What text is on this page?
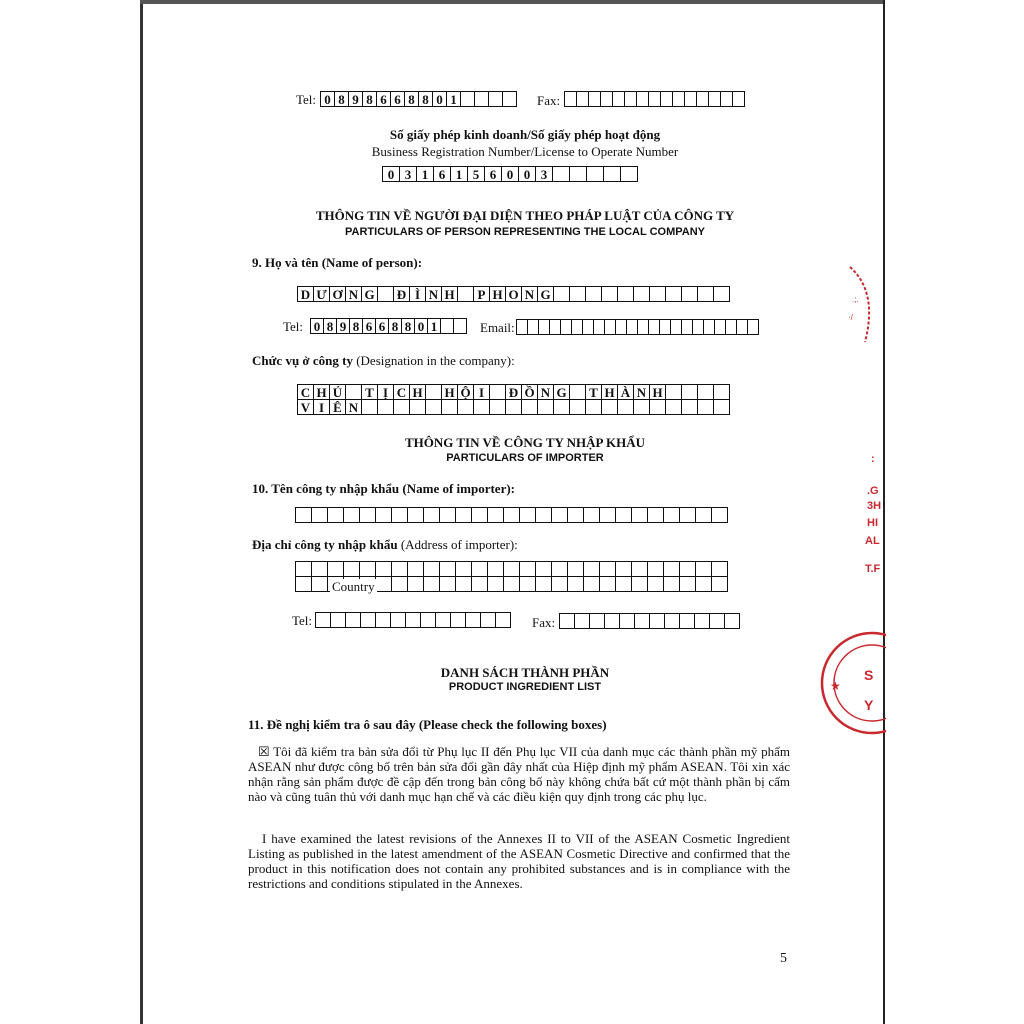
Tel: 0 8 9 8 6 6 8 8 0 1	Fax:
Số giấy phép kinh doanh/Số giấy phép hoạt động
Business Registration Number/License to Operate Number
0 3 1 6 1 5 6 0 0 3
THÔNG TIN VỀ NGƯỜI ĐẠI DIỆN THEO PHÁP LUẬT CỦA CÔNG TY
PARTICULARS OF PERSON REPRESENTING THE LOCAL COMPANY
9. Họ và tên (Name of person):
D Ư Ơ N G Đ Ì N H	P H O N G
Tel: 0 8 9 8 6 6 8 8 0 1	Email:
Chức vụ ở công ty (Designation in the company):
C H Ủ	T Ị C H H Ộ I	Đ Ồ N G	T H À N H
V I Ê N
THÔNG TIN VỀ CÔNG TY NHẬP KHẨU
PARTICULARS OF IMPORTER
10. Tên công ty nhập khẩu (Name of importer):
Địa chỉ công ty nhập khẩu (Address of importer):
Country
Tel:	Fax:
DANH SÁCH THÀNH PHẦN
PRODUCT INGREDIENT LIST
11. Đề nghị kiểm tra ô sau đây (Please check the following boxes)

☒ Tôi đã kiểm tra bản sửa đổi từ Phụ lục II đến Phụ lục VII của danh mục các thành phần mỹ phẩm ASEAN như được công bố trên bản sửa đổi gần đây nhất của Hiệp định mỹ phẩm ASEAN. Tôi xin xác nhận rằng sản phẩm được đề cập đến trong bản công bố này không chứa bất cứ một thành phần bị cấm nào và cũng tuân thủ với danh mục hạn chế và các điều kiện quy định trong các phụ lục.

I have examined the latest revisions of the Annexes II to VII of the ASEAN Cosmetic Ingredient Listing as published in the latest amendment of the ASEAN Cosmetic Directive and confirmed that the product in this notification does not contain any prohibited substances and is in compliance with the restrictions and conditions stipulated in the Annexes.

5
.;.
·/
:
.G
3H
HI
AL
T.F
S
Y
★
